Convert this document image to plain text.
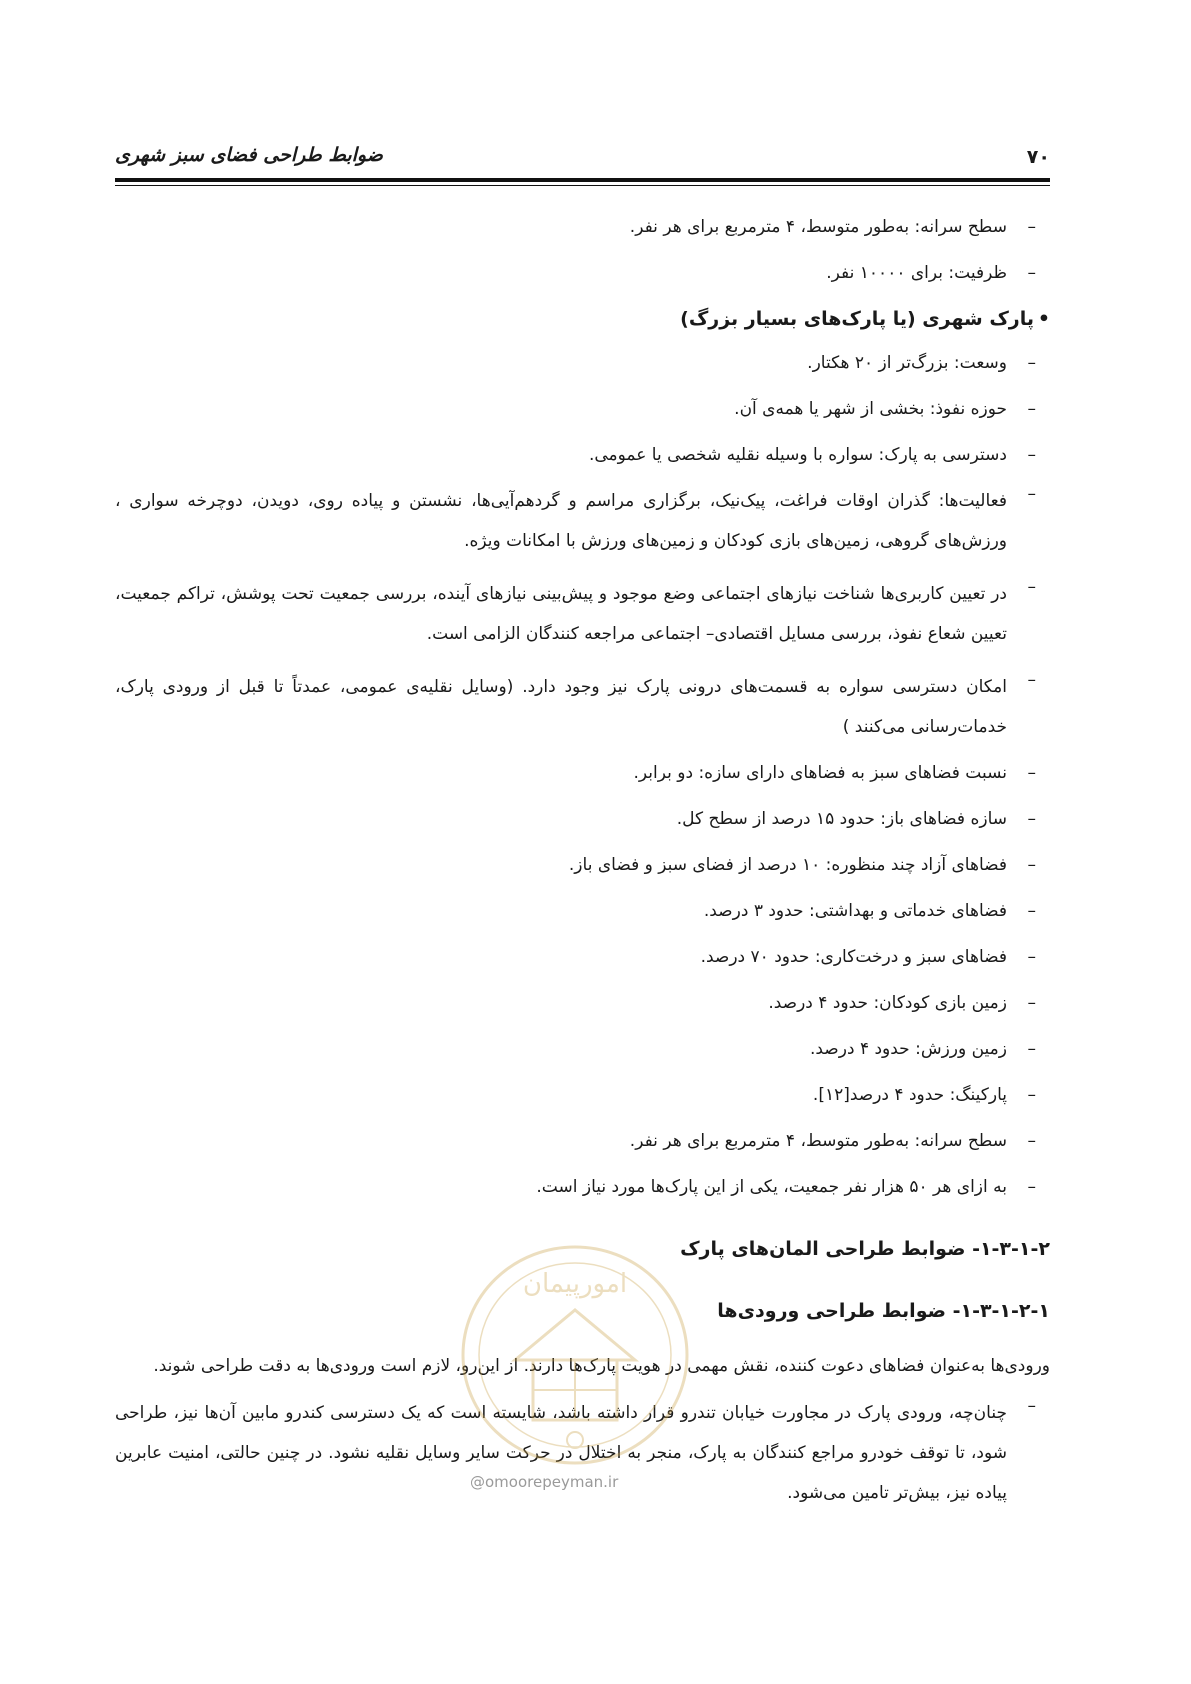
۷۰
ضوابط طراحی فضای سبز شهری
–

سطح سرانه: به‌طور متوسط، ۴ مترمربع برای هر نفر.

–

ظرفیت: برای ۱۰۰۰۰ نفر.

•
پارک شهری (یا پارک‌های بسیار بزرگ)
–

وسعت: بزرگ‌تر از ۲۰ هکتار.

–

حوزه نفوذ: بخشی از شهر یا همه‌ی آن.

–

دسترسی به پارک: سواره با وسیله نقلیه شخصی یا عمومی.

–

فعالیت‌ها: گذران اوقات فراغت، پیک‌نیک، برگزاری مراسم و گردهم‌آیی‌ها، نشستن و پیاده روی، دویدن، دوچرخه سواری ، ورزش‌های گروهی، زمین‌های بازی کودکان و زمین‌های ورزش با امکانات ویژه.

–

در تعیین کاربری‌ها شناخت نیازهای اجتماعی وضع موجود و پیش‌بینی نیازهای آینده، بررسی جمعیت تحت پوشش، تراکم جمعیت، تعیین شعاع نفوذ، بررسی مسایل اقتصادی– اجتماعی مراجعه کنندگان الزامی است.

–

امکان دسترسی سواره به قسمت‌های درونی پارک نیز وجود دارد. (وسایل نقلیه‌ی عمومی، عمدتاً تا قبل از ورودی پارک، خدمات‌رسانی می‌کنند )

–

نسبت فضاهای سبز به فضاهای دارای سازه: دو برابر.

–

سازه فضاهای باز: حدود ۱۵ درصد از سطح کل.

–

فضاهای آزاد چند منظوره: ۱۰ درصد از فضای سبز و فضای باز.

–

فضاهای خدماتی و بهداشتی: حدود ۳ درصد.

–

فضاهای سبز و درخت‌کاری: حدود ۷۰ درصد.

–

زمین بازی کودکان: حدود ۴ درصد.

–

زمین ورزش: حدود ۴ درصد.

–

پارکینگ: حدود ۴ درصد[۱۲].

–

سطح سرانه: به‌طور متوسط، ۴ مترمربع برای هر نفر.

–

به ازای هر ۵۰ هزار نفر جمعیت، یکی از این پارک‌ها مورد نیاز است.

۱-۳-۱-۲- ضوابط طراحی المان‌های پارک
۱-۳-۱-۲-۱- ضوابط طراحی ورودی‌ها

ورودی‌ها به‌عنوان فضاهای دعوت کننده، نقش مهمی در هویت پارک‌ها دارند. از این‌رو، لازم است ورودی‌ها به دقت طراحی شوند.

–

چنان‌چه، ورودی پارک در مجاورت خیابان تندرو قرار داشته باشد، شایسته است که یک دسترسی کندرو مابین آن‌ها نیز، طراحی شود، تا توقف خودرو مراجع کنندگان به پارک، منجر به اختلال در حرکت سایر وسایل نقلیه نشود. در چنین حالتی، امنیت عابرین پیاده نیز، بیش‌تر تامین می‌شود.

امورپیمان
@omoorepeyman.ir
